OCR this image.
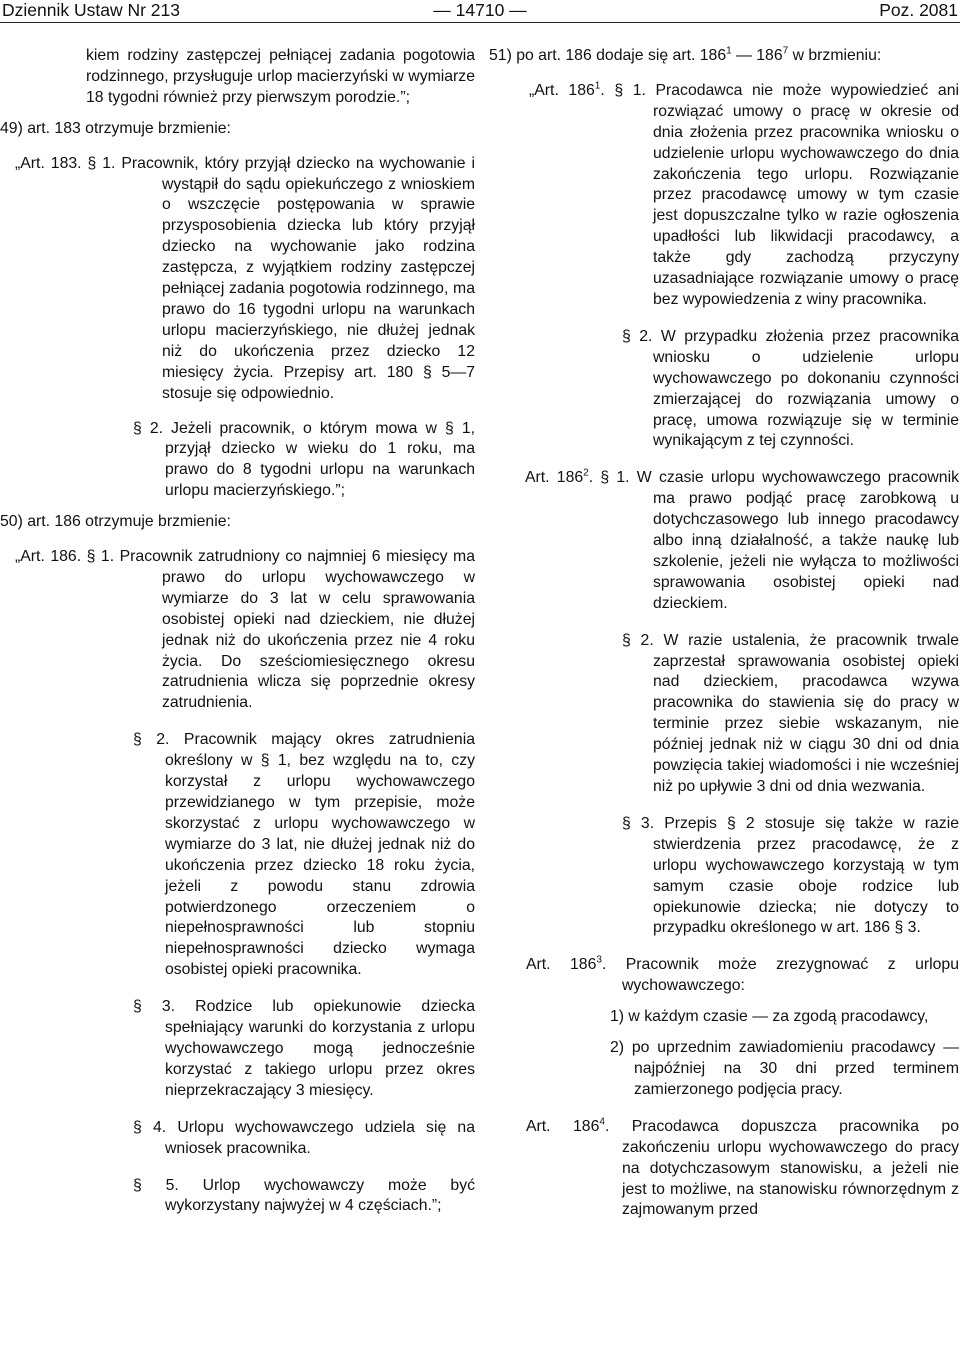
Dziennik Ustaw Nr 213	— 14710 —	Poz. 2081

kiem rodziny zastępczej pełniącej zadania pogotowia rodzinnego, przysługuje urlop macierzyński w wymiarze 18 tygodni również przy pierwszym porodzie.”;

49) art. 183 otrzymuje brzmienie:

„Art. 183. § 1. Pracownik, który przyjął dziecko na wychowanie i wystąpił do sądu opiekuńczego z wnioskiem o wszczęcie postępowania w sprawie przysposobienia dziecka lub który przyjął dziecko na wychowanie jako rodzina zastępcza, z wyjątkiem rodziny zastępczej pełniącej zadania pogotowia rodzinnego, ma prawo do 16 tygodni urlopu na warunkach urlopu macierzyńskiego, nie dłużej jednak niż do ukończenia przez dziecko 12 miesięcy życia. Przepisy art. 180 § 5—7 stosuje się odpowiednio.

§ 2. Jeżeli pracownik, o którym mowa w § 1, przyjął dziecko w wieku do 1 roku, ma prawo do 8 tygodni urlopu na warunkach urlopu macierzyńskiego.”;

50) art. 186 otrzymuje brzmienie:

„Art. 186. § 1. Pracownik zatrudniony co najmniej 6 miesięcy ma prawo do urlopu wychowawczego w wymiarze do 3 lat w celu sprawowania osobistej opieki nad dzieckiem, nie dłużej jednak niż do ukończenia przez nie 4 roku życia. Do sześciomiesięcznego okresu zatrudnienia wlicza się poprzednie okresy zatrudnienia.

§ 2. Pracownik mający okres zatrudnienia określony w § 1, bez względu na to, czy korzystał z urlopu wychowawczego przewidzianego w tym przepisie, może skorzystać z urlopu wychowawczego w wymiarze do 3 lat, nie dłużej jednak niż do ukończenia przez dziecko 18 roku życia, jeżeli z powodu stanu zdrowia potwierdzonego orzeczeniem o niepełnosprawności lub stopniu niepełnosprawności dziecko wymaga osobistej opieki pracownika.

§ 3. Rodzice lub opiekunowie dziecka spełniający warunki do korzystania z urlopu wychowawczego mogą jednocześnie korzystać z takiego urlopu przez okres nieprzekraczający 3 miesięcy.

§ 4. Urlopu wychowawczego udziela się na wniosek pracownika.

§ 5. Urlop wychowawczy może być wykorzystany najwyżej w 4 częściach.”;

51) po art. 186 dodaje się art. $186^1$ — $186^7$ w brzmieniu:

„Art. $186^1$. § 1. Pracodawca nie może wypowiedzieć ani rozwiązać umowy o pracę w okresie od dnia złożenia przez pracownika wniosku o udzielenie urlopu wychowawczego do dnia zakończenia tego urlopu. Rozwiązanie przez pracodawcę umowy w tym czasie jest dopuszczalne tylko w razie ogłoszenia upadłości lub likwidacji pracodawcy, a także gdy zachodzą przyczyny uzasadniające rozwiązanie umowy o pracę bez wypowiedzenia z winy pracownika.

§ 2. W przypadku złożenia przez pracownika wniosku o udzielenie urlopu wychowawczego po dokonaniu czynności zmierzającej do rozwiązania umowy o pracę, umowa rozwiązuje się w terminie wynikającym z tej czynności.

Art. $186^2$. § 1. W czasie urlopu wychowawczego pracownik ma prawo podjąć pracę zarobkową u dotychczasowego lub innego pracodawcy albo inną działalność, a także naukę lub szkolenie, jeżeli nie wyłącza to możliwości sprawowania osobistej opieki nad dzieckiem.

§ 2. W razie ustalenia, że pracownik trwale zaprzestał sprawowania osobistej opieki nad dzieckiem, pracodawca wzywa pracownika do stawienia się do pracy w terminie przez siebie wskazanym, nie później jednak niż w ciągu 30 dni od dnia powzięcia takiej wiadomości i nie wcześniej niż po upływie 3 dni od dnia wezwania.

§ 3. Przepis § 2 stosuje się także w razie stwierdzenia przez pracodawcę, że z urlopu wychowawczego korzystają w tym samym czasie oboje rodzice lub opiekunowie dziecka; nie dotyczy to przypadku określonego w art. 186 § 3.

Art. $186^3$. Pracownik może zrezygnować z urlopu wychowawczego:

1) w każdym czasie — za zgodą pracodawcy,

2) po uprzednim zawiadomieniu pracodawcy — najpóźniej na 30 dni przed terminem zamierzonego podjęcia pracy.

Art. $186^4$. Pracodawca dopuszcza pracownika po zakończeniu urlopu wychowawczego do pracy na dotychczasowym stanowisku, a jeżeli nie jest to możliwe, na stanowisku równorzędnym z zajmowanym przed
